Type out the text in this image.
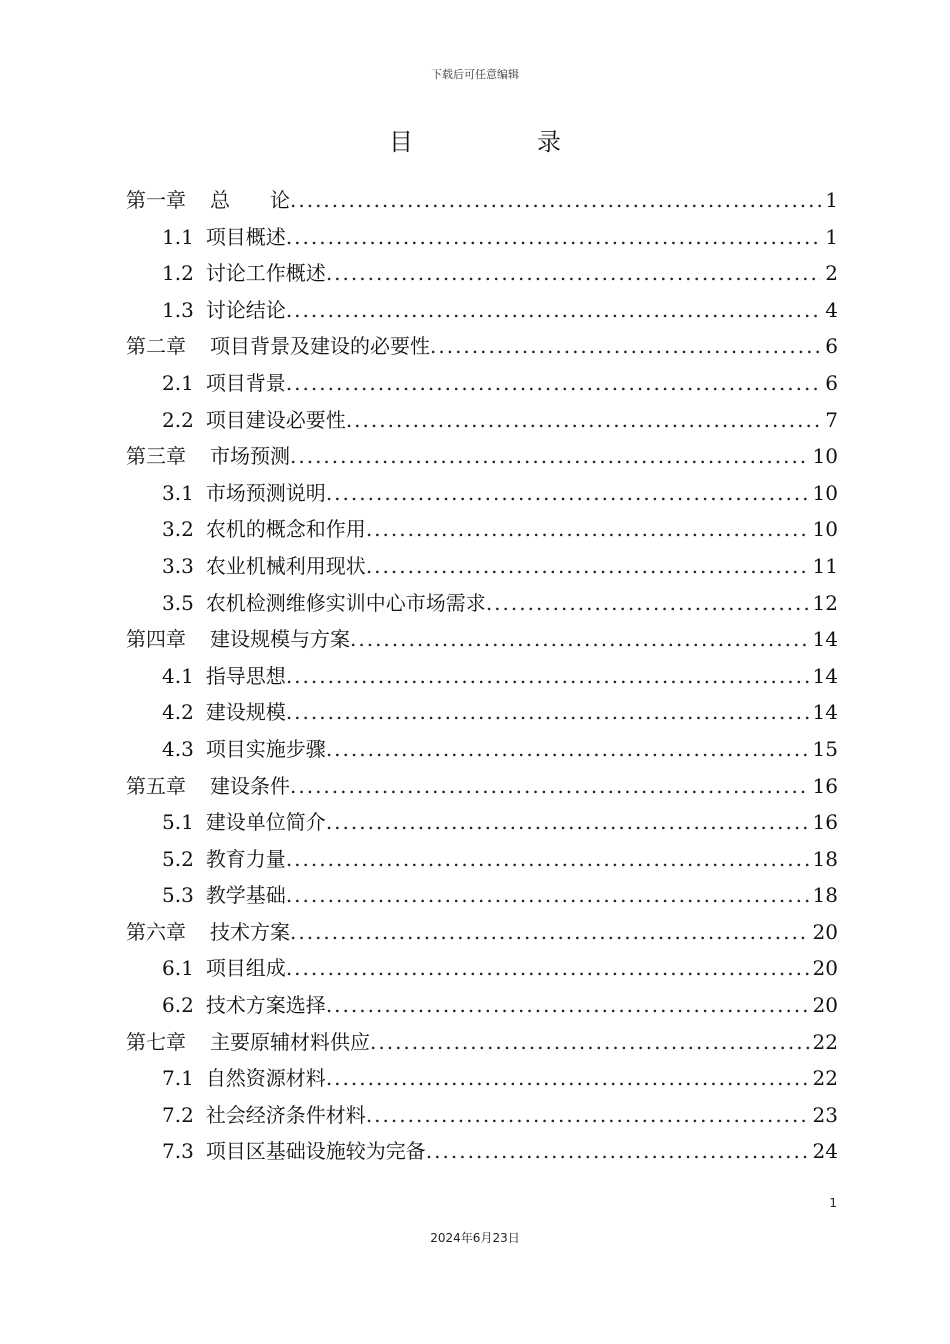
下载后可任意编辑
目　录
第一章 总　　论 .....	1
1.1 项目概述 .....	1
1.2 讨论工作概述 .....	2
1.3 讨论结论 .....	4
第二章 项目背景及建设的必要性 .....	6
2.1 项目背景 .....	6
2.2 项目建设必要性 .....	7
第三章 市场预测 .....	10
3.1 市场预测说明 .....	10
3.2 农机的概念和作用 .....	10
3.3 农业机械利用现状 .....	11
3.5 农机检测维修实训中心市场需求 .....	12
第四章 建设规模与方案 .....	14
4.1 指导思想 .....	14
4.2 建设规模 .....	14
4.3 项目实施步骤 .....	15
第五章 建设条件 .....	16
5.1 建设单位简介 .....	16
5.2 教育力量 .....	18
5.3 教学基础 .....	18
第六章 技术方案 .....	20
6.1 项目组成 .....	20
6.2 技术方案选择 .....	20
第七章 主要原辅材料供应 .....	22
7.1 自然资源材料 .....	22
7.2 社会经济条件材料 .....	23
7.3 项目区基础设施较为完备 .....	24
1
2024年6月23日
